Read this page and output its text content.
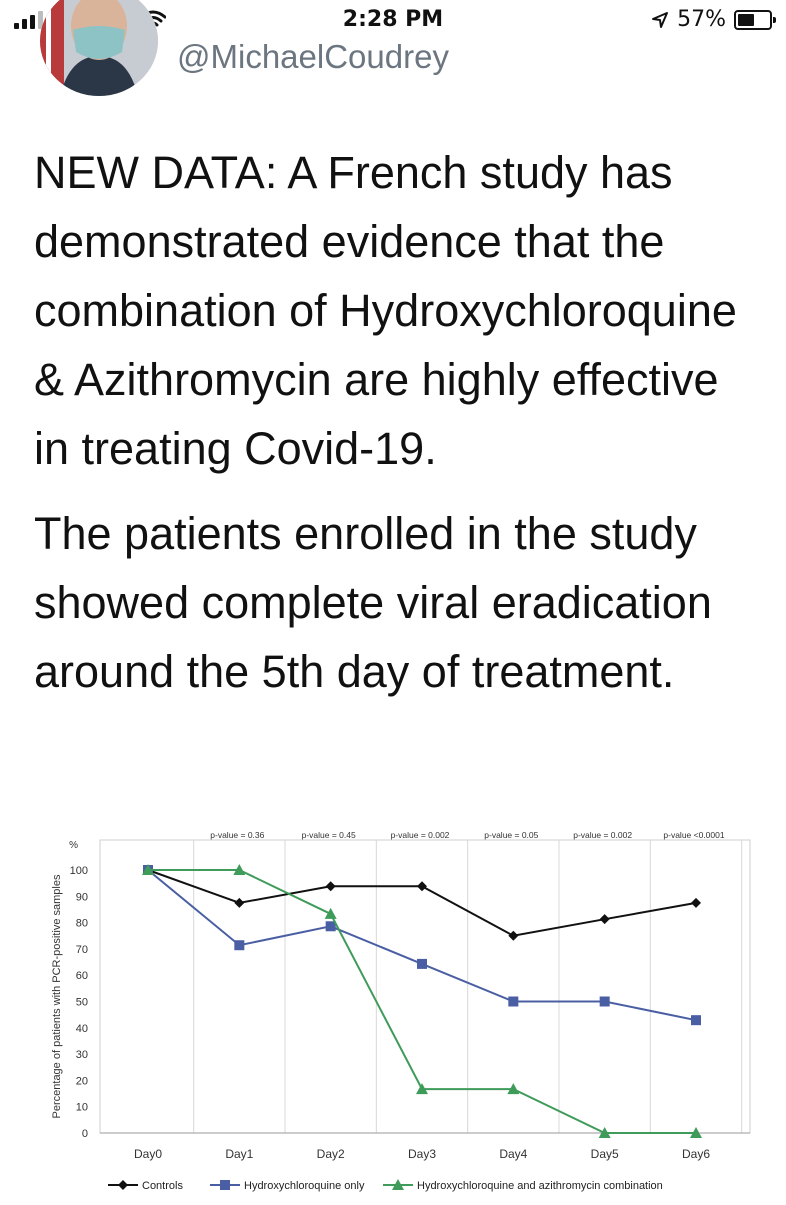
2:28 PM	57%
@MichaelCoudrey

NEW DATA: A French study has demonstrated evidence that the combination of Hydroxychloroquine & Azithromycin are highly effective in treating Covid-19.

The patients enrolled in the study showed complete viral eradication around the 5th day of treatment.

%
0
10
20
30
40
50
60
70
80
90
100
Percentage of patients with PCR-positive samples
Day0	Day1	Day2	Day3	Day4	Day5	Day6
p-value = 0.36	p-value = 0.45	p-value = 0.002	p-value = 0.05	p-value = 0.002	p-value <0.0001
Controls	Hydroxychloroquine only	Hydroxychloroquine and azithromycin combination
